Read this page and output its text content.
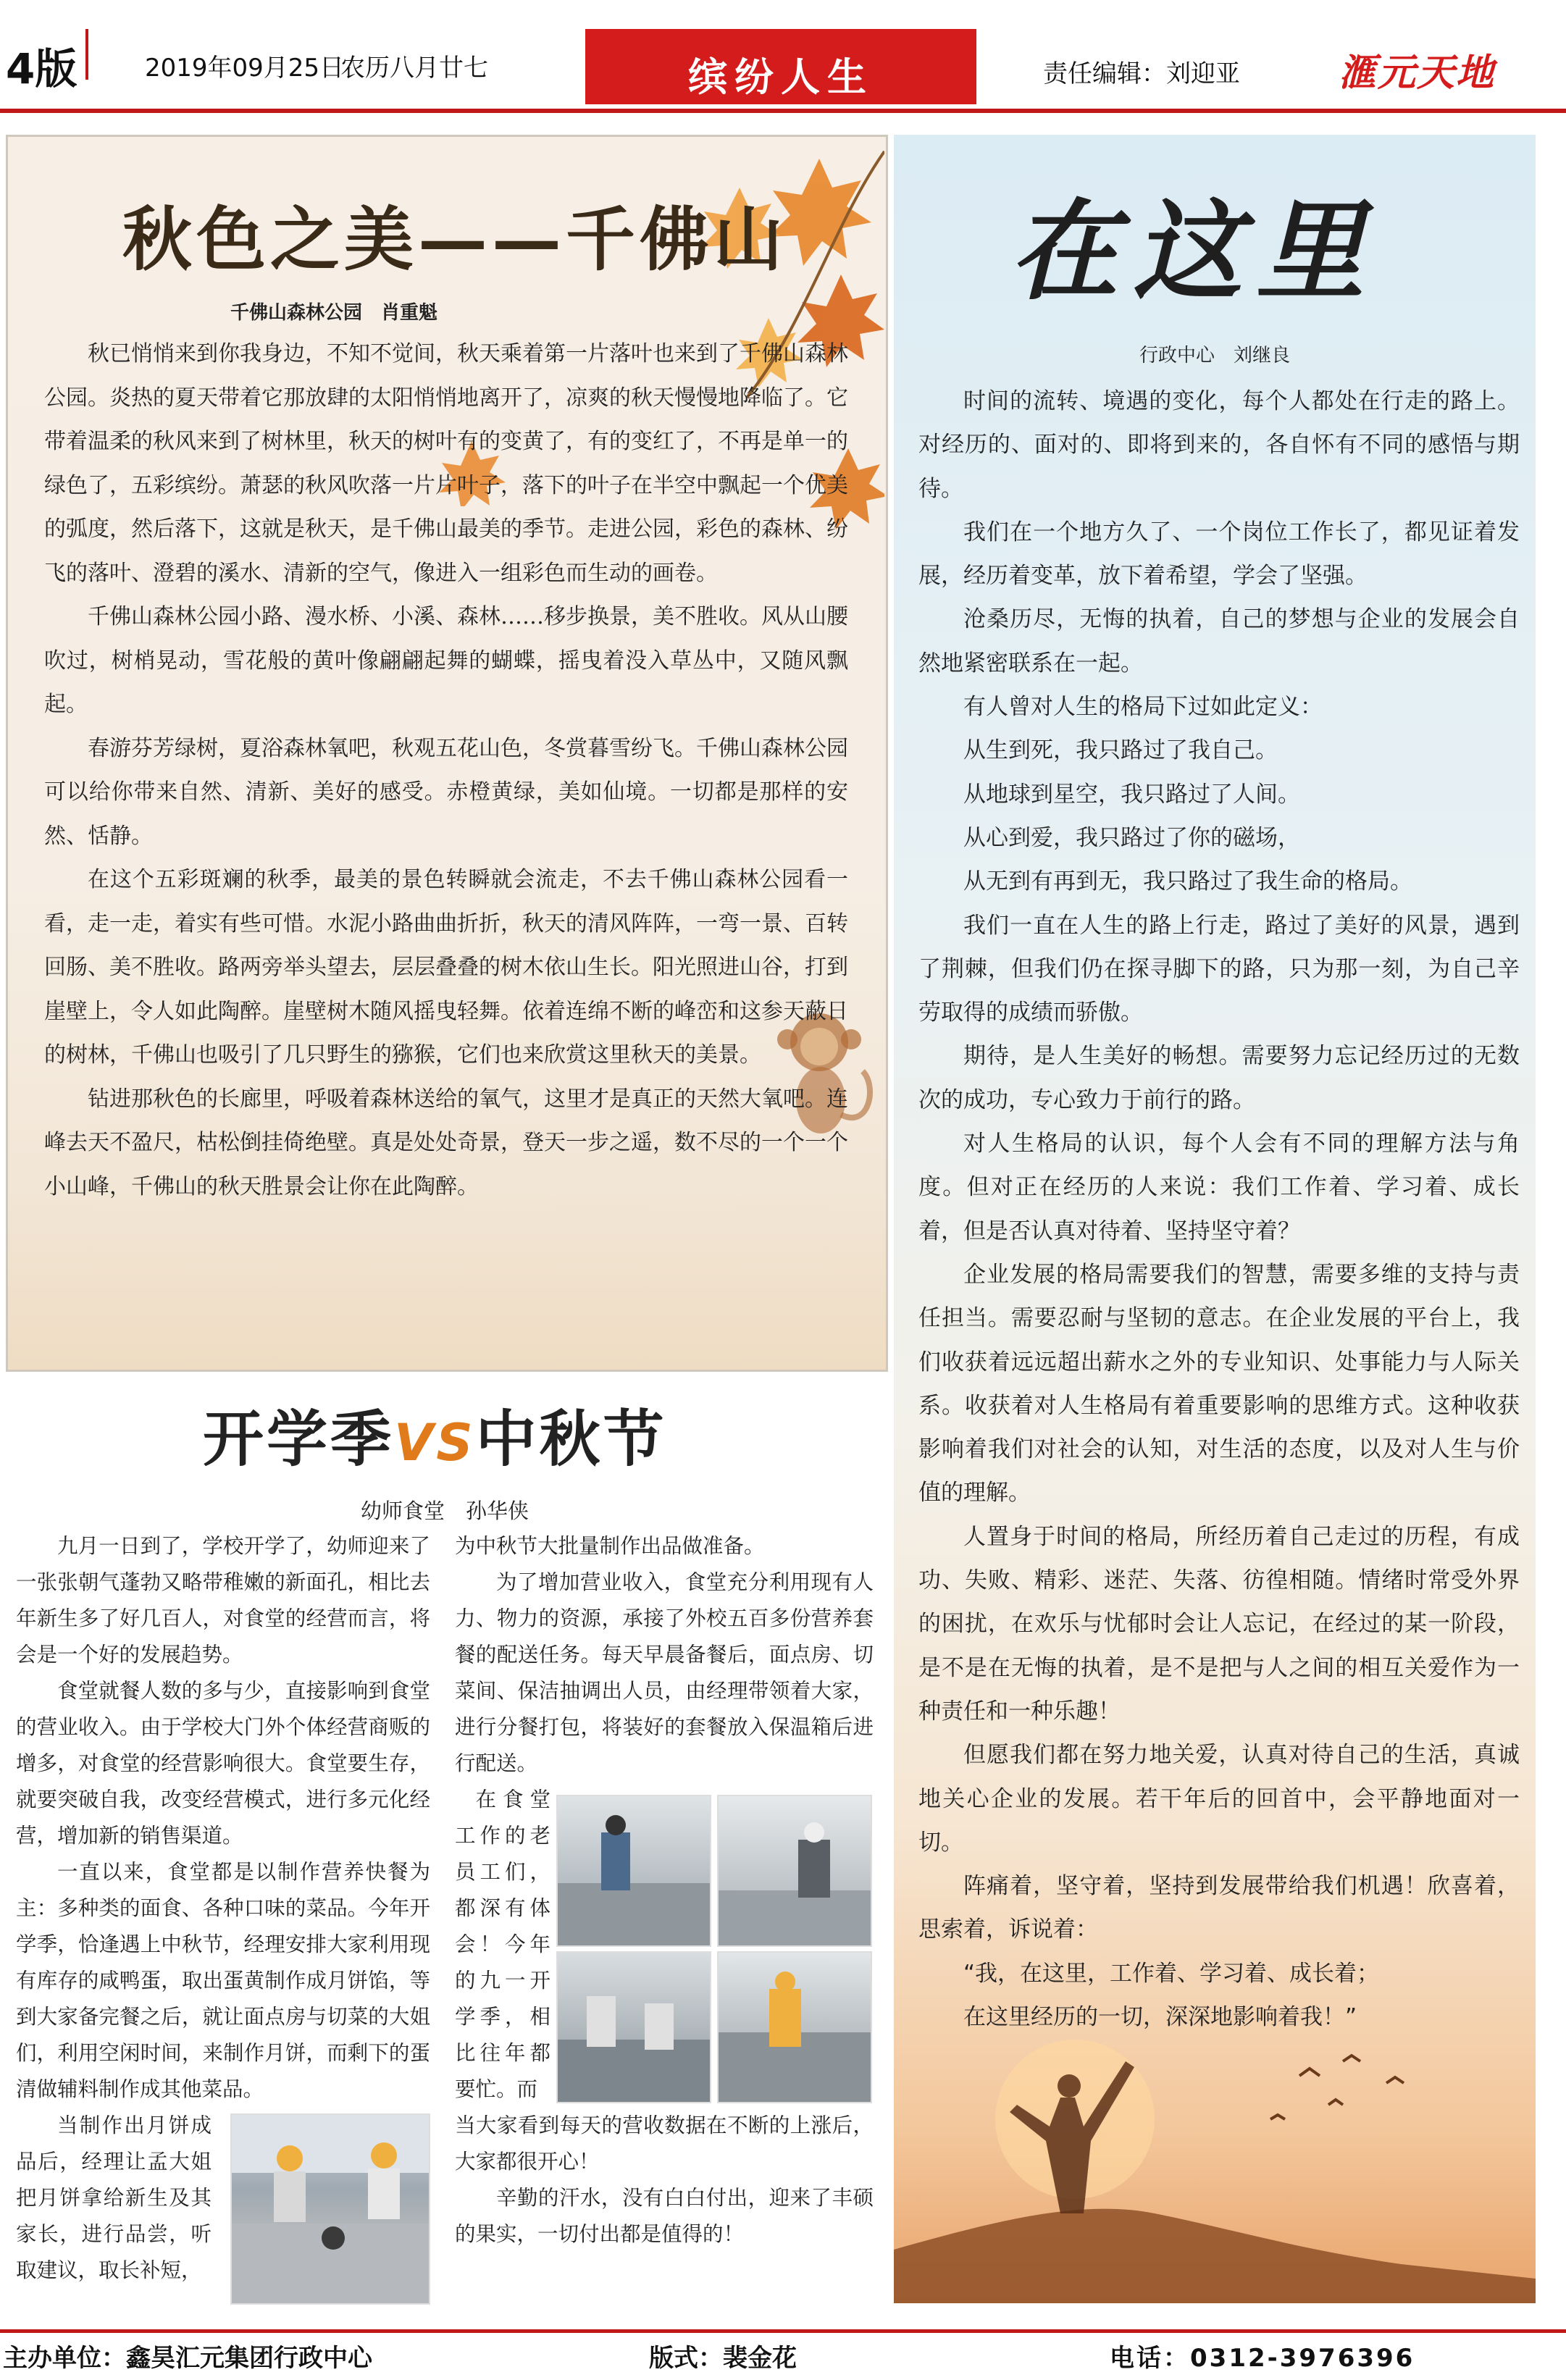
4版	2019年09月25日
农历八月廿七	缤纷人生	责任编辑：刘迎亚	滙元天地
秋色之美——千佛山
千佛山森林公园　肖重魁

秋已悄悄来到你我身边，不知不觉间，秋天乘着第一片落叶也来到了千佛山森林公园。炎热的夏天带着它那放肆的太阳悄悄地离开了，凉爽的秋天慢慢地降临了。它带着温柔的秋风来到了树林里，秋天的树叶有的变黄了，有的变红了，不再是单一的绿色了，五彩缤纷。萧瑟的秋风吹落一片片叶子，落下的叶子在半空中飘起一个优美的弧度，然后落下，这就是秋天，是千佛山最美的季节。走进公园，彩色的森林、纷飞的落叶、澄碧的溪水、清新的空气，像进入一组彩色而生动的画卷。

千佛山森林公园小路、漫水桥、小溪、森林……移步换景，美不胜收。风从山腰吹过，树梢晃动，雪花般的黄叶像翩翩起舞的蝴蝶，摇曳着没入草丛中，又随风飘起。

春游芬芳绿树，夏浴森林氧吧，秋观五花山色，冬赏暮雪纷飞。千佛山森林公园可以给你带来自然、清新、美好的感受。赤橙黄绿，美如仙境。一切都是那样的安然、恬静。

在这个五彩斑斓的秋季，最美的景色转瞬就会流走，不去千佛山森林公园看一看，走一走，着实有些可惜。水泥小路曲曲折折，秋天的清风阵阵，一弯一景、百转回肠、美不胜收。路两旁举头望去，层层叠叠的树木依山生长。阳光照进山谷，打到崖壁上，令人如此陶醉。崖壁树木随风摇曳轻舞。依着连绵不断的峰峦和这参天蔽日的树林，千佛山也吸引了几只野生的猕猴，它们也来欣赏这里秋天的美景。

钻进那秋色的长廊里，呼吸着森林送给的氧气，这里才是真正的天然大氧吧。连峰去天不盈尺，枯松倒挂倚绝壁。真是处处奇景，登天一步之遥，数不尽的一个一个小山峰，千佛山的秋天胜景会让你在此陶醉。

开学季VS中秋节
幼师食堂　孙华侠

九月一日到了，学校开学了，幼师迎来了一张张朝气蓬勃又略带稚嫩的新面孔，相比去年新生多了好几百人，对食堂的经营而言，将会是一个好的发展趋势。

食堂就餐人数的多与少，直接影响到食堂的营业收入。由于学校大门外个体经营商贩的增多，对食堂的经营影响很大。食堂要生存，就要突破自我，改变经营模式，进行多元化经营，增加新的销售渠道。

一直以来，食堂都是以制作营养快餐为主：多种类的面食、各种口味的菜品。今年开学季，恰逢遇上中秋节，经理安排大家利用现有库存的咸鸭蛋，取出蛋黄制作成月饼馅，等到大家备完餐之后，就让面点房与切菜的大姐们，利用空闲时间，来制作月饼，而剩下的蛋清做辅料制作成其他菜品。

当制作出月饼成品后，经理让孟大姐把月饼拿给新生及其家长，进行品尝，听取建议，取长补短，

为中秋节大批量制作出品做准备。

为了增加营业收入，食堂充分利用现有人力、物力的资源，承接了外校五百多份营养套餐的配送任务。每天早晨备餐后，面点房、切菜间、保洁抽调出人员，由经理带领着大家，进行分餐打包，将装好的套餐放入保温箱后进行配送。

在食堂工作的老员工们，都深有体会！今年的九一开学季，相比往年都要忙。而

当大家看到每天的营收数据在不断的上涨后，大家都很开心！

辛勤的汗水，没有白白付出，迎来了丰硕的果实，一切付出都是值得的！

在这里
行政中心　刘继良

时间的流转、境遇的变化，每个人都处在行走的路上。对经历的、面对的、即将到来的，各自怀有不同的感悟与期待。

我们在一个地方久了、一个岗位工作长了，都见证着发展，经历着变革，放下着希望，学会了坚强。

沧桑历尽，无悔的执着，自己的梦想与企业的发展会自然地紧密联系在一起。

有人曾对人生的格局下过如此定义：

从生到死，我只路过了我自己。

从地球到星空，我只路过了人间。

从心到爱，我只路过了你的磁场，

从无到有再到无，我只路过了我生命的格局。

我们一直在人生的路上行走，路过了美好的风景，遇到了荆棘，但我们仍在探寻脚下的路，只为那一刻，为自己辛劳取得的成绩而骄傲。

期待，是人生美好的畅想。需要努力忘记经历过的无数次的成功，专心致力于前行的路。

对人生格局的认识，每个人会有不同的理解方法与角度。但对正在经历的人来说：我们工作着、学习着、成长着，但是否认真对待着、坚持坚守着？

企业发展的格局需要我们的智慧，需要多维的支持与责任担当。需要忍耐与坚韧的意志。在企业发展的平台上，我们收获着远远超出薪水之外的专业知识、处事能力与人际关系。收获着对人生格局有着重要影响的思维方式。这种收获影响着我们对社会的认知，对生活的态度，以及对人生与价值的理解。

人置身于时间的格局，所经历着自己走过的历程，有成功、失败、精彩、迷茫、失落、彷徨相随。情绪时常受外界的困扰，在欢乐与忧郁时会让人忘记，在经过的某一阶段，是不是在无悔的执着，是不是把与人之间的相互关爱作为一种责任和一种乐趣！

但愿我们都在努力地关爱，认真对待自己的生活，真诚地关心企业的发展。若干年后的回首中，会平静地面对一切。

阵痛着，坚守着，坚持到发展带给我们机遇！欣喜着，思索着，诉说着：

“我，在这里，工作着、学习着、成长着；

在这里经历的一切，深深地影响着我！”

主办单位：鑫昊汇元集团行政中心	版式：裴金花	电话：0312-3976396
